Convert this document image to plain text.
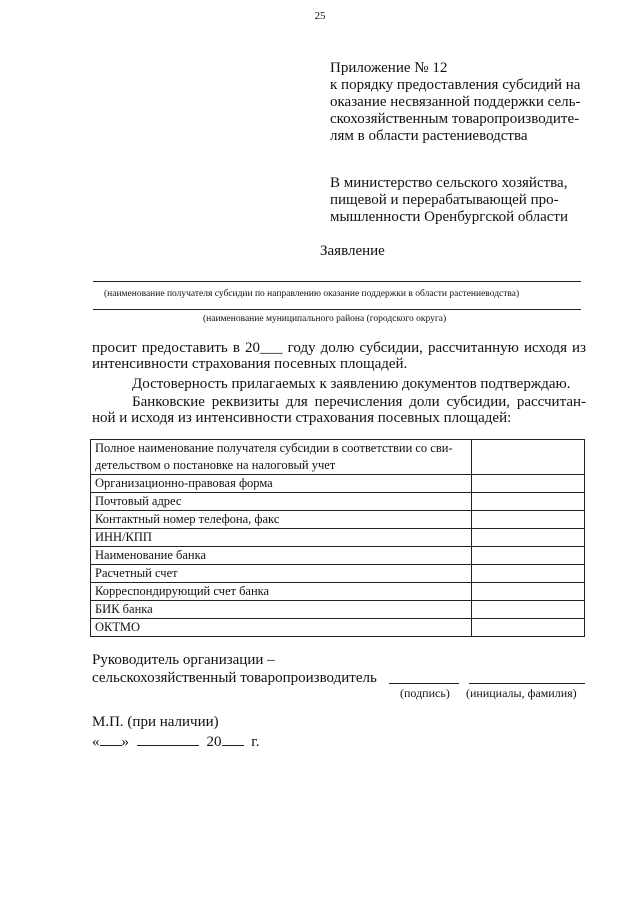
25
Приложение № 12
к порядку предоставления субсидий на
оказание несвязанной поддержки сель-
скохозяйственным товаропроизводите-
лям в области растениеводства
В министерство сельского хозяйства,
пищевой и перерабатывающей про-
мышленности Оренбургской области
Заявление
(наименование получателя субсидии по направлению оказание поддержки в области растениеводства)
(наименование муниципального района (городского округа)
просит предоставить в 20___ году долю субсидии, рассчитанную исходя из
интенсивности страхования посевных площадей.
Достоверность прилагаемых к заявлению документов подтверждаю.
Банковские реквизиты для перечисления доли субсидии, рассчитан-
ной и исходя из интенсивности страхования посевных площадей:
Полное наименование получателя субсидии в соответствии со сви-
детельством о постановке на налоговый учет	

Организационно-правовая форма	
Почтовый адрес	
Контактный номер телефона, факс	
ИНН/КПП	
Наименование банка	
Расчетный счет	
Корреспондирующий счет банка	
БИК банка	
ОКТМО	
Руководитель организации –
сельскохозяйственный товаропроизводитель
(подпись) (инициалы, фамилия)
М.П. (при наличии)
« »	20 г.
